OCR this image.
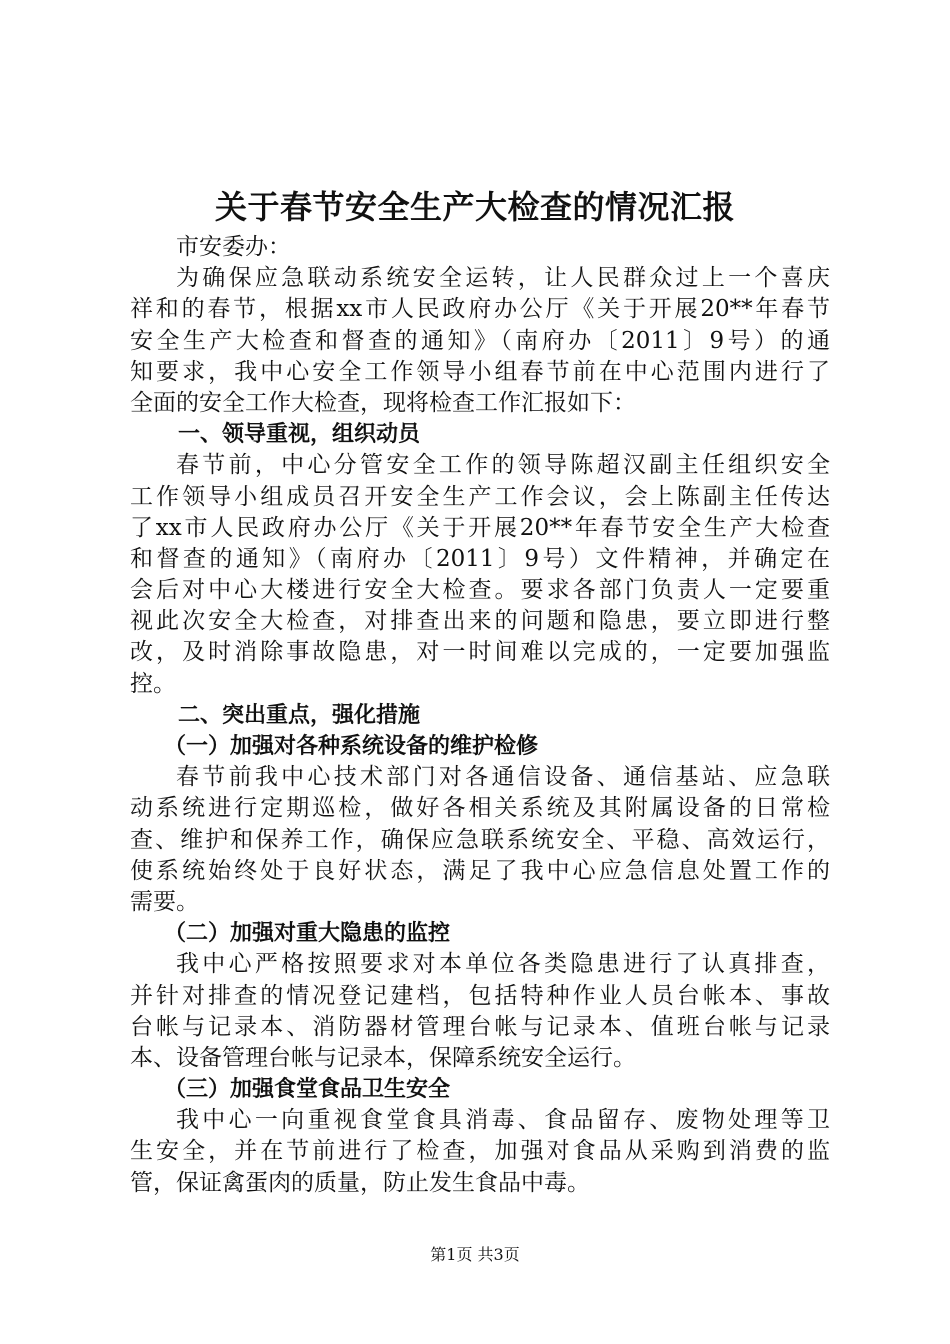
关于春节安全生产大检查的情况汇报
市安委办：
为确保应急联动系统安全运转，让人民群众过上一个喜庆
祥和的春节，根据xx市人民政府办公厅《关于开展20**年春节
安全生产大检查和督查的通知》（南府办〔2011〕9号）的通
知要求，我中心安全工作领导小组春节前在中心范围内进行了
全面的安全工作大检查，现将检查工作汇报如下：
一、领导重视，组织动员
春节前，中心分管安全工作的领导陈超汉副主任组织安全
工作领导小组成员召开安全生产工作会议，会上陈副主任传达
了xx市人民政府办公厅《关于开展20**年春节安全生产大检查
和督查的通知》（南府办〔2011〕9号）文件精神，并确定在
会后对中心大楼进行安全大检查。要求各部门负责人一定要重
视此次安全大检查，对排查出来的问题和隐患，要立即进行整
改，及时消除事故隐患，对一时间难以完成的，一定要加强监
控。
二、突出重点，强化措施
（一）加强对各种系统设备的维护检修
春节前我中心技术部门对各通信设备、通信基站、应急联
动系统进行定期巡检，做好各相关系统及其附属设备的日常检
查、维护和保养工作，确保应急联系统安全、平稳、高效运行，
使系统始终处于良好状态，满足了我中心应急信息处置工作的
需要。
（二）加强对重大隐患的监控
我中心严格按照要求对本单位各类隐患进行了认真排查，
并针对排查的情况登记建档，包括特种作业人员台帐本、事故
台帐与记录本、消防器材管理台帐与记录本、值班台帐与记录
本、设备管理台帐与记录本，保障系统安全运行。
（三）加强食堂食品卫生安全
我中心一向重视食堂食具消毒、食品留存、废物处理等卫
生安全，并在节前进行了检查，加强对食品从采购到消费的监
管，保证禽蛋肉的质量，防止发生食品中毒。
第1页 共3页
